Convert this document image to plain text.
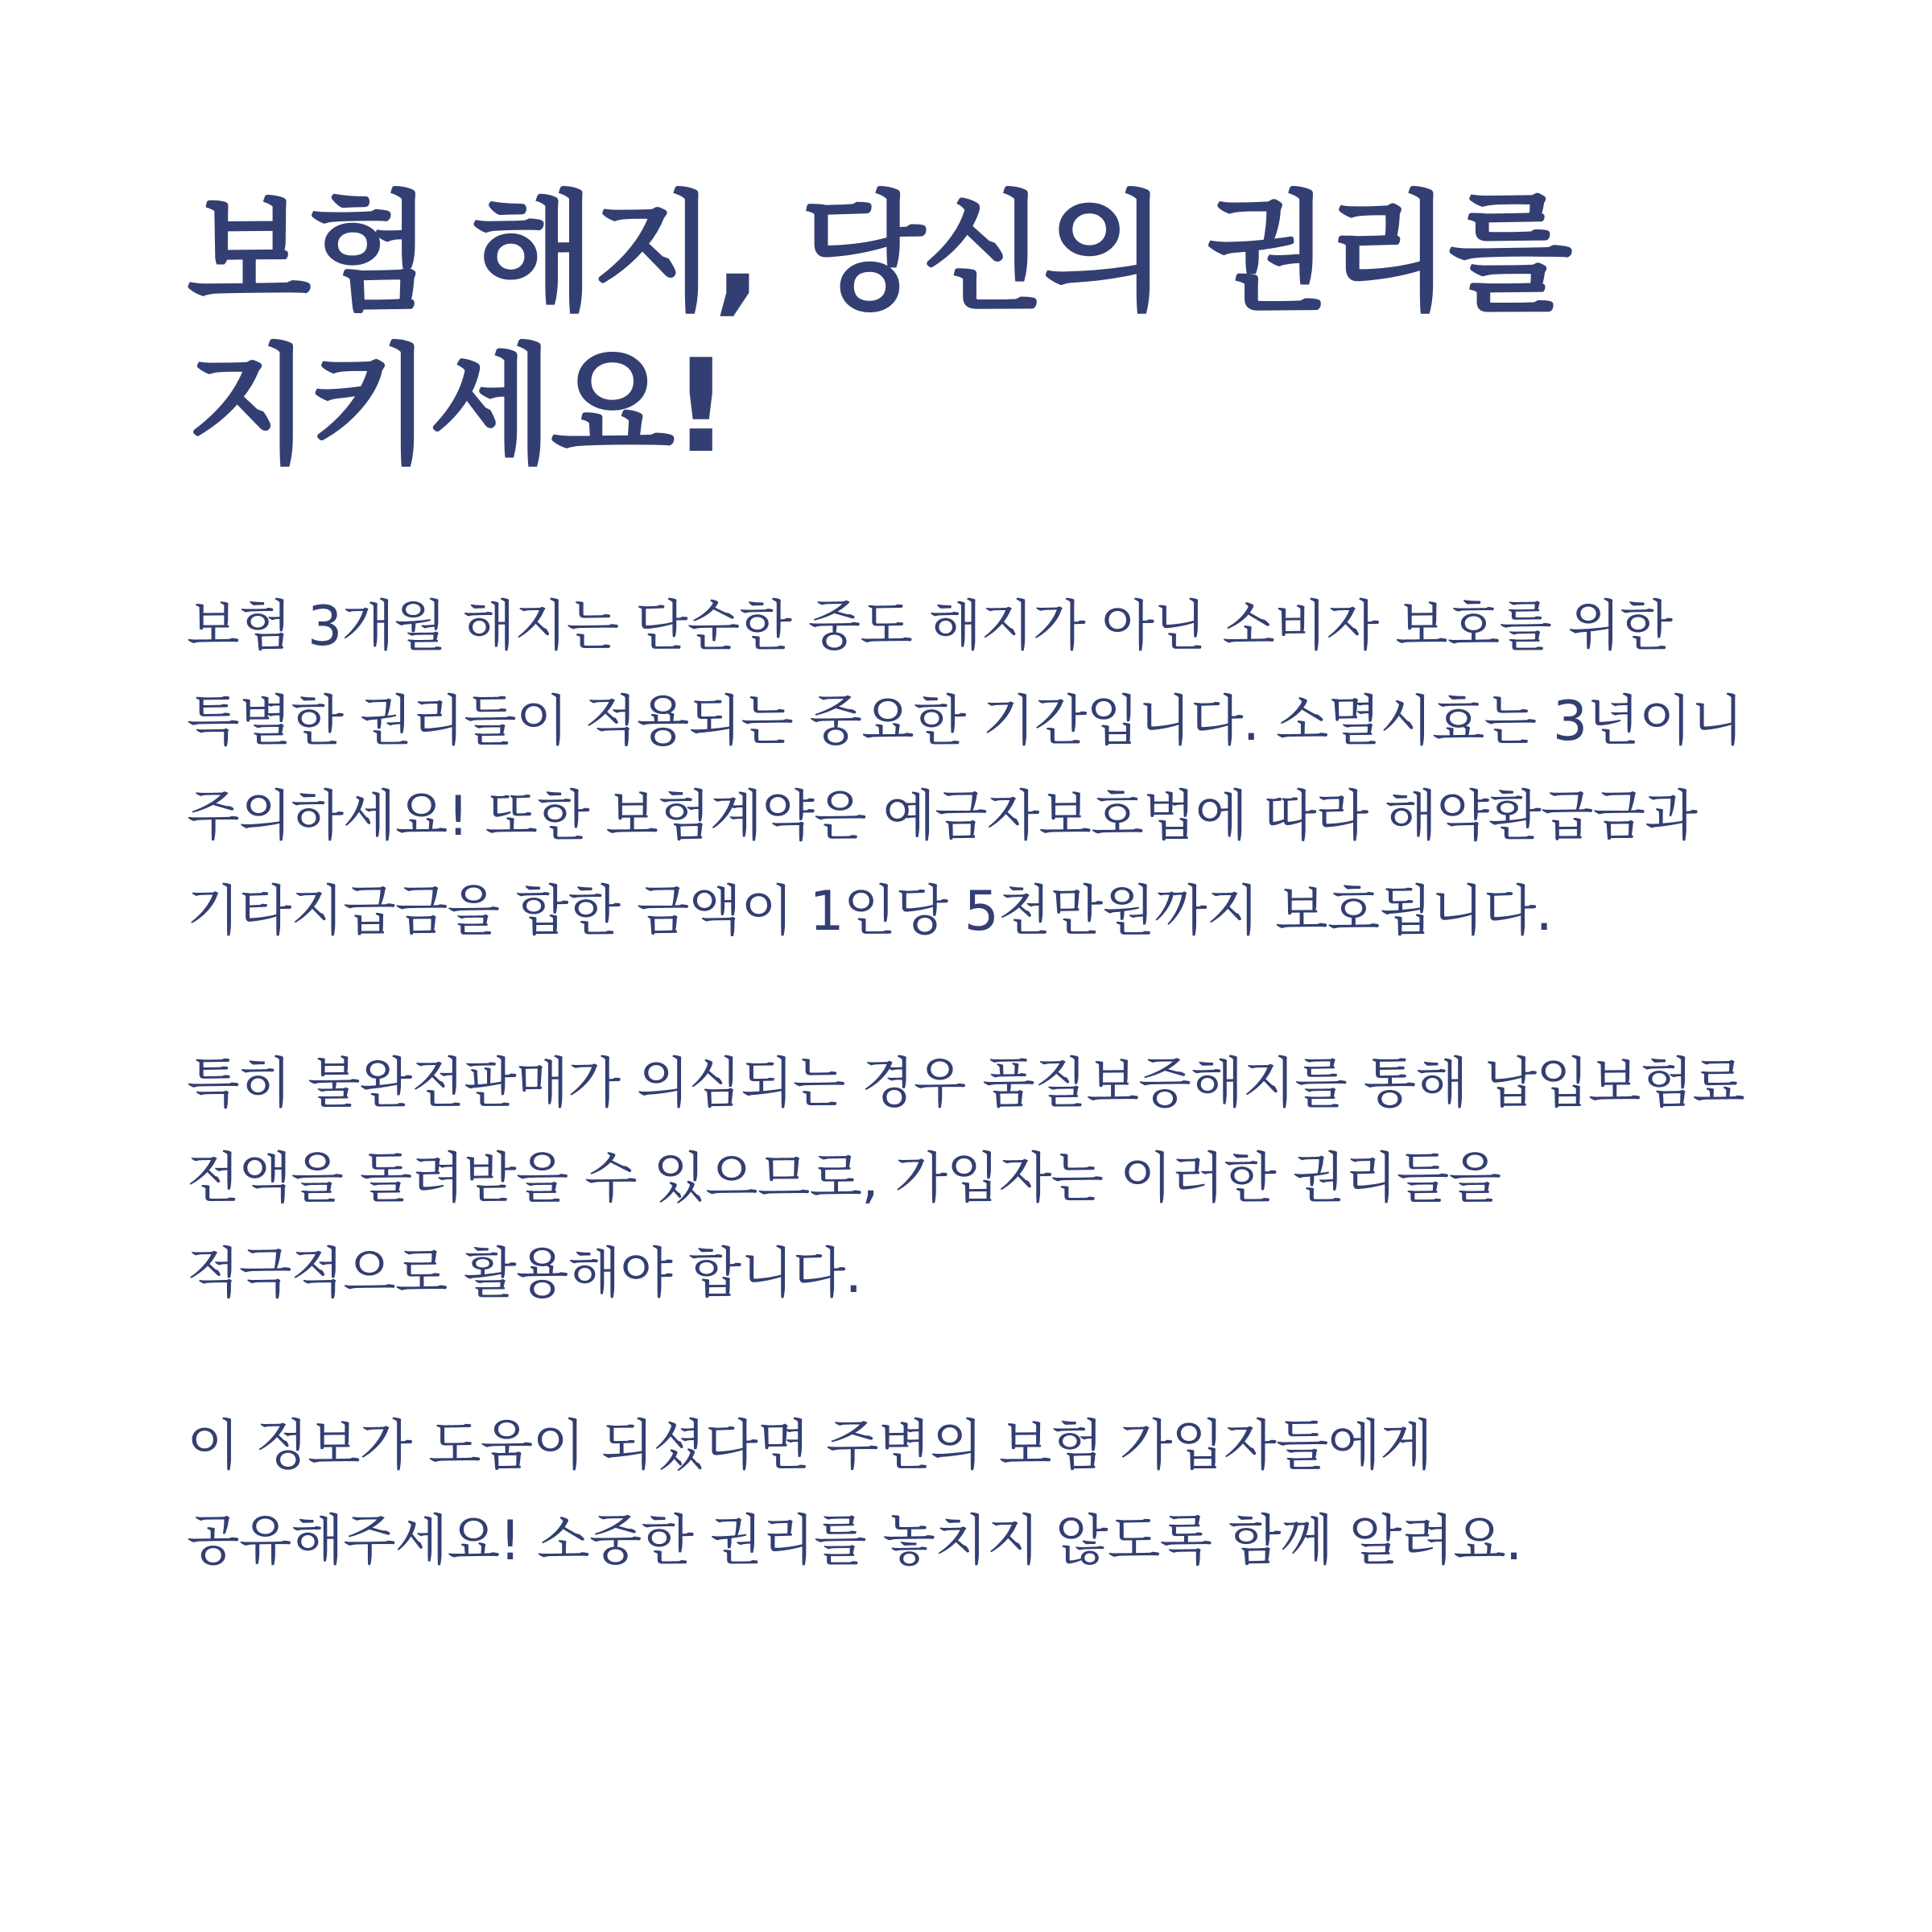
보험 해지, 당신의 권리를 지키세요!

보험 3개월 해지는 단순한 중도 해지가 아닌 소비자 보호를 위한 특별한 권리들이 적용되는 중요한 기간입니다. 소멸시효는 3년이니 주의하세요! 또한 보험계약은 예금자보호법에 따라 해약환급금과 기타지급금을 합한 금액이 1인당 5천만원까지 보호됩니다.

특히 불완전판매가 의심되는 경우 품질보증해지를 통해 납입보험료 전액을 돌려받을 수 있으므로, 가입자는 이러한 권리들을 적극적으로 활용해야 합니다.

이 정보가 도움이 되셨다면 주변의 보험 가입자들에게 공유해주세요! 소중한 권리를 놓치지 않도록 함께 알려요.
